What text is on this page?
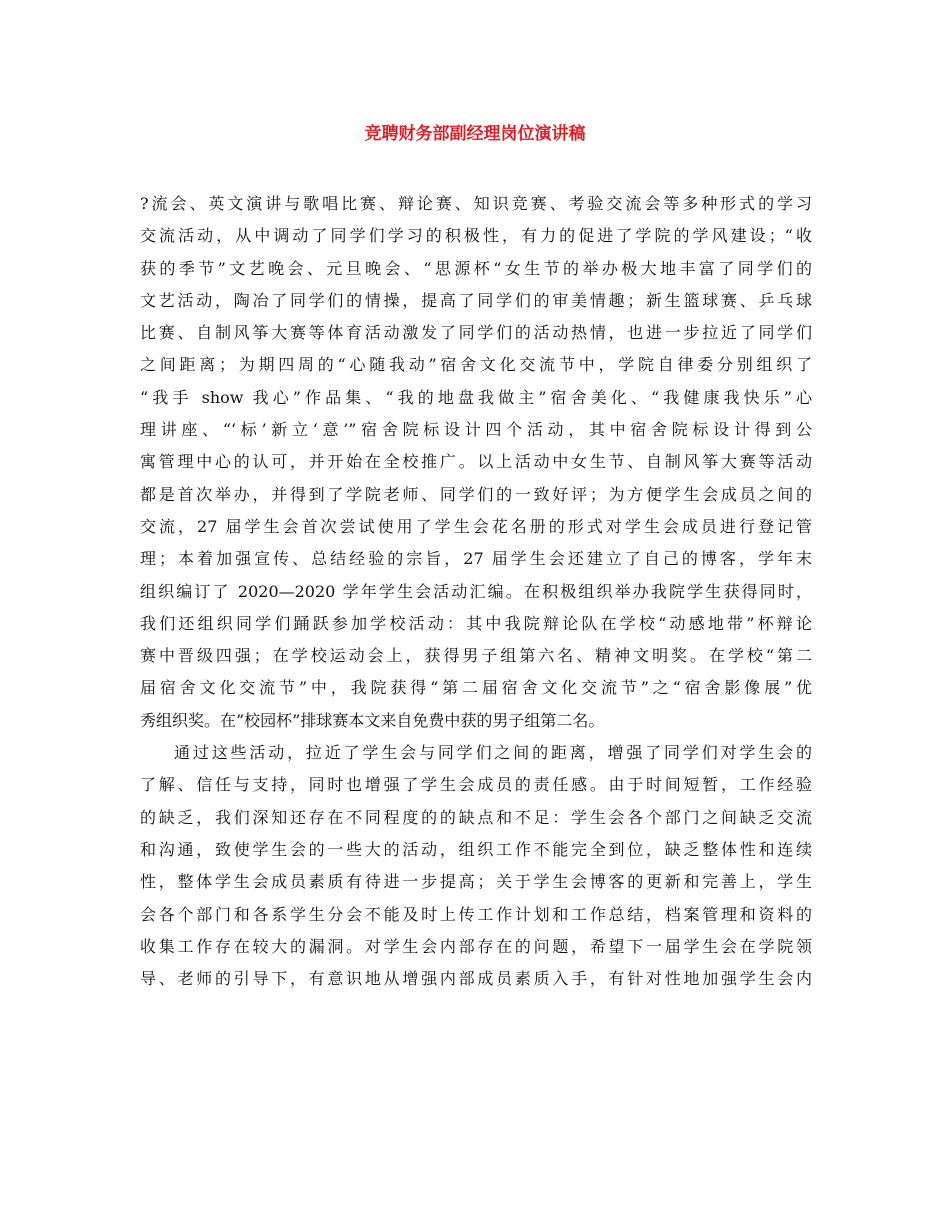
竞聘财务部副经理岗位演讲稿
?流会、英文演讲与歌唱比赛、辩论赛、知识竞赛、考验交流会等多种形式的学习
交流活动，从中调动了同学们学习的积极性，有力的促进了学院的学风建设；“收
获的季节”文艺晚会、元旦晚会、“思源杯“女生节的举办极大地丰富了同学们的
文艺活动，陶冶了同学们的情操，提高了同学们的审美情趣；新生篮球赛、乒乓球
比赛、自制风筝大赛等体育活动激发了同学们的活动热情，也进一步拉近了同学们
之间距离；为期四周的“心随我动”宿舍文化交流节中，学院自律委分别组织了
“我手 show 我心”作品集、“我的地盘我做主”宿舍美化、“我健康我快乐”心
理讲座、“‘标’新立‘意’”宿舍院标设计四个活动，其中宿舍院标设计得到公
寓管理中心的认可，并开始在全校推广。以上活动中女生节、自制风筝大赛等活动
都是首次举办，并得到了学院老师、同学们的一致好评；为方便学生会成员之间的
交流，27 届学生会首次尝试使用了学生会花名册的形式对学生会成员进行登记管
理；本着加强宣传、总结经验的宗旨，27 届学生会还建立了自己的博客，学年末
组织编订了 2020—2020 学年学生会活动汇编。在积极组织举办我院学生获得同时，
我们还组织同学们踊跃参加学校活动：其中我院辩论队在学校“动感地带”杯辩论
赛中晋级四强；在学校运动会上，获得男子组第六名、精神文明奖。在学校“第二
届宿舍文化交流节”中，我院获得“第二届宿舍文化交流节”之“宿舍影像展”优
秀组织奖。在”校园杯”排球赛本文来自免费中获的男子组第二名。
通过这些活动，拉近了学生会与同学们之间的距离，增强了同学们对学生会的
了解、信任与支持，同时也增强了学生会成员的责任感。由于时间短暂，工作经验
的缺乏，我们深知还存在不同程度的的缺点和不足：学生会各个部门之间缺乏交流
和沟通，致使学生会的一些大的活动，组织工作不能完全到位，缺乏整体性和连续
性，整体学生会成员素质有待进一步提高；关于学生会博客的更新和完善上，学生
会各个部门和各系学生分会不能及时上传工作计划和工作总结，档案管理和资料的
收集工作存在较大的漏洞。对学生会内部存在的问题，希望下一届学生会在学院领
导、老师的引导下，有意识地从增强内部成员素质入手，有针对性地加强学生会内
